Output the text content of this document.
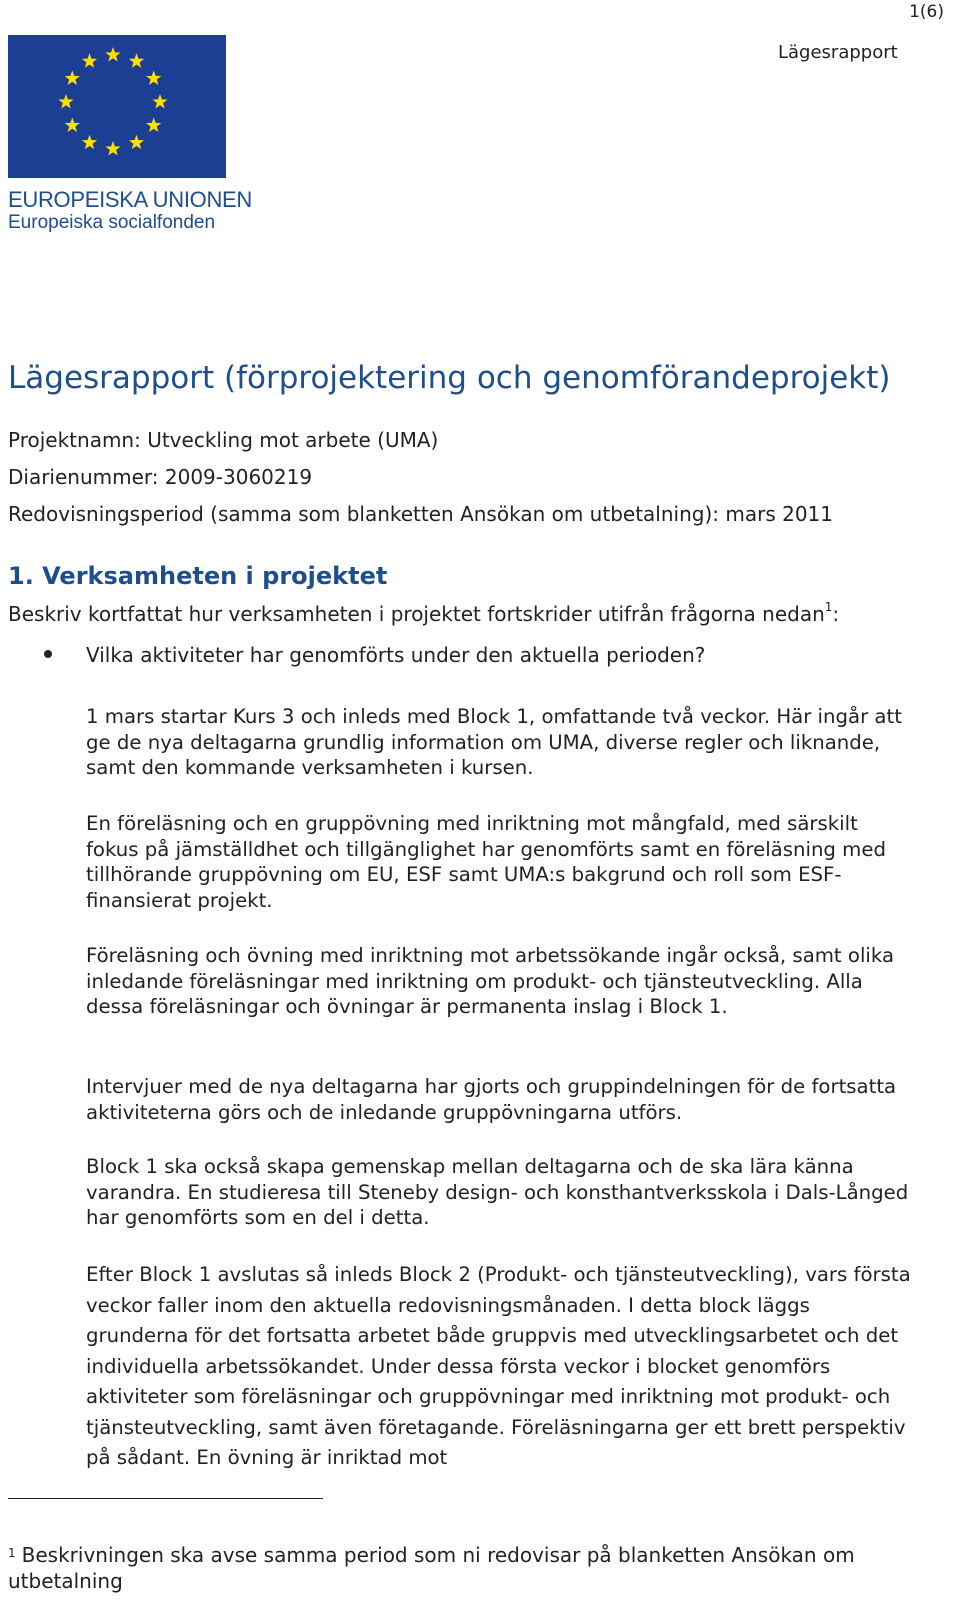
1(6)
Lägesrapport
EUROPEISKA UNIONEN
Europeiska socialfonden
Lägesrapport (förprojektering och genomförandeprojekt)
Projektnamn: Utveckling mot arbete (UMA)
Diarienummer: 2009-3060219
Redovisningsperiod (samma som blanketten Ansökan om utbetalning): mars 2011
1. Verksamheten i projektet
Beskriv kortfattat hur verksamheten i projektet fortskrider utifrån frågorna nedan$^1$:
Vilka aktiviteter har genomförts under den aktuella perioden?

1 mars startar Kurs 3 och inleds med Block 1, omfattande två veckor. Här ingår att ge de nya deltagarna grundlig information om UMA, diverse regler och liknande, samt den kommande verksamheten i kursen.

En föreläsning och en gruppövning med inriktning mot mångfald, med särskilt fokus på jämställdhet och tillgänglighet har genomförts samt en föreläsning med tillhörande gruppövning om EU, ESF samt UMA:s bakgrund och roll som ESF-finansierat projekt.

Föreläsning och övning med inriktning mot arbetssökande ingår också, samt olika inledande föreläsningar med inriktning om produkt- och tjänsteutveckling. Alla dessa föreläsningar och övningar är permanenta inslag i Block 1.

Intervjuer med de nya deltagarna har gjorts och gruppindelningen för de fortsatta aktiviteterna görs och de inledande gruppövningarna utförs.

Block 1 ska också skapa gemenskap mellan deltagarna och de ska lära känna varandra. En studieresa till Steneby design- och konsthantverksskola i Dals-Långed har genomförts som en del i detta.

Efter Block 1 avslutas så inleds Block 2 (Produkt- och tjänsteutveckling), vars första veckor faller inom den aktuella redovisningsmånaden. I detta block läggs grunderna för det fortsatta arbetet både gruppvis med utvecklingsarbetet och det individuella arbetssökandet. Under dessa första veckor i blocket genomförs aktiviteter som föreläsningar och gruppövningar med inriktning mot produkt- och tjänsteutveckling, samt även företagande. Föreläsningarna ger ett brett perspektiv på sådant. En övning är inriktad mot

$^1$ Beskrivningen ska avse samma period som ni redovisar på blanketten Ansökan om utbetalning
